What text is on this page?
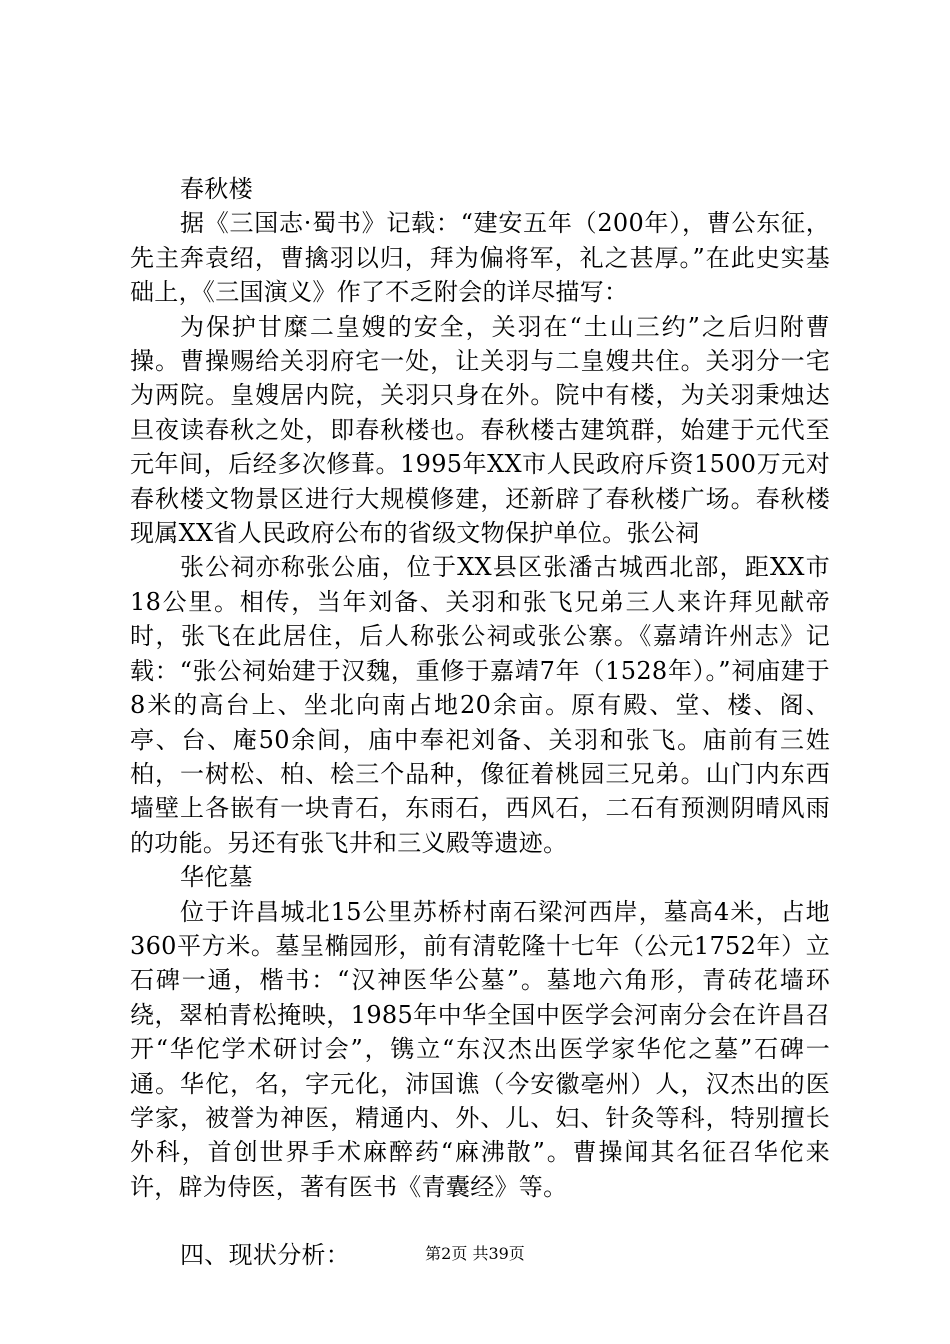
春秋楼

据《三国志·蜀书》记载：“建安五年（200年），曹公东征，先主奔袁绍，曹擒羽以归，拜为偏将军，礼之甚厚。”在此史实基础上，《三国演义》作了不乏附会的详尽描写：

为保护甘糜二皇嫂的安全，关羽在“土山三约”之后归附曹操。曹操赐给关羽府宅一处，让关羽与二皇嫂共住。关羽分一宅为两院。皇嫂居内院，关羽只身在外。院中有楼，为关羽秉烛达旦夜读春秋之处，即春秋楼也。春秋楼古建筑群，始建于元代至元年间，后经多次修葺。1995年XX市人民政府斥资1500万元对春秋楼文物景区进行大规模修建，还新辟了春秋楼广场。春秋楼现属XX省人民政府公布的省级文物保护单位。张公祠

张公祠亦称张公庙，位于XX县区张潘古城西北部，距XX市18公里。相传，当年刘备、关羽和张飞兄弟三人来许拜见献帝时，张飞在此居住，后人称张公祠或张公寨。《嘉靖许州志》记载：“张公祠始建于汉魏，重修于嘉靖7年（1528年）。”祠庙建于8米的高台上、坐北向南占地20余亩。原有殿、堂、楼、阁、亭、台、庵50余间，庙中奉祀刘备、关羽和张飞。庙前有三姓柏，一树松、柏、桧三个品种，像征着桃园三兄弟。山门内东西墙壁上各嵌有一块青石，东雨石，西风石，二石有预测阴晴风雨的功能。另还有张飞井和三义殿等遗迹。

华佗墓

位于许昌城北15公里苏桥村南石梁河西岸，墓高4米，占地360平方米。墓呈椭园形，前有清乾隆十七年（公元1752年）立石碑一通，楷书：“汉神医华公墓”。墓地六角形，青砖花墙环绕，翠柏青松掩映，1985年中华全国中医学会河南分会在许昌召开“华佗学术研讨会”，镌立“东汉杰出医学家华佗之墓”石碑一通。华佗，名，字元化，沛国谯（今安徽亳州）人，汉杰出的医学家，被誉为神医，精通内、外、儿、妇、针灸等科，特别擅长外科，首创世界手术麻醉药“麻沸散”。曹操闻其名征召华佗来许，辟为侍医，著有医书《青囊经》等。

四、现状分析：	第2页 共39页
